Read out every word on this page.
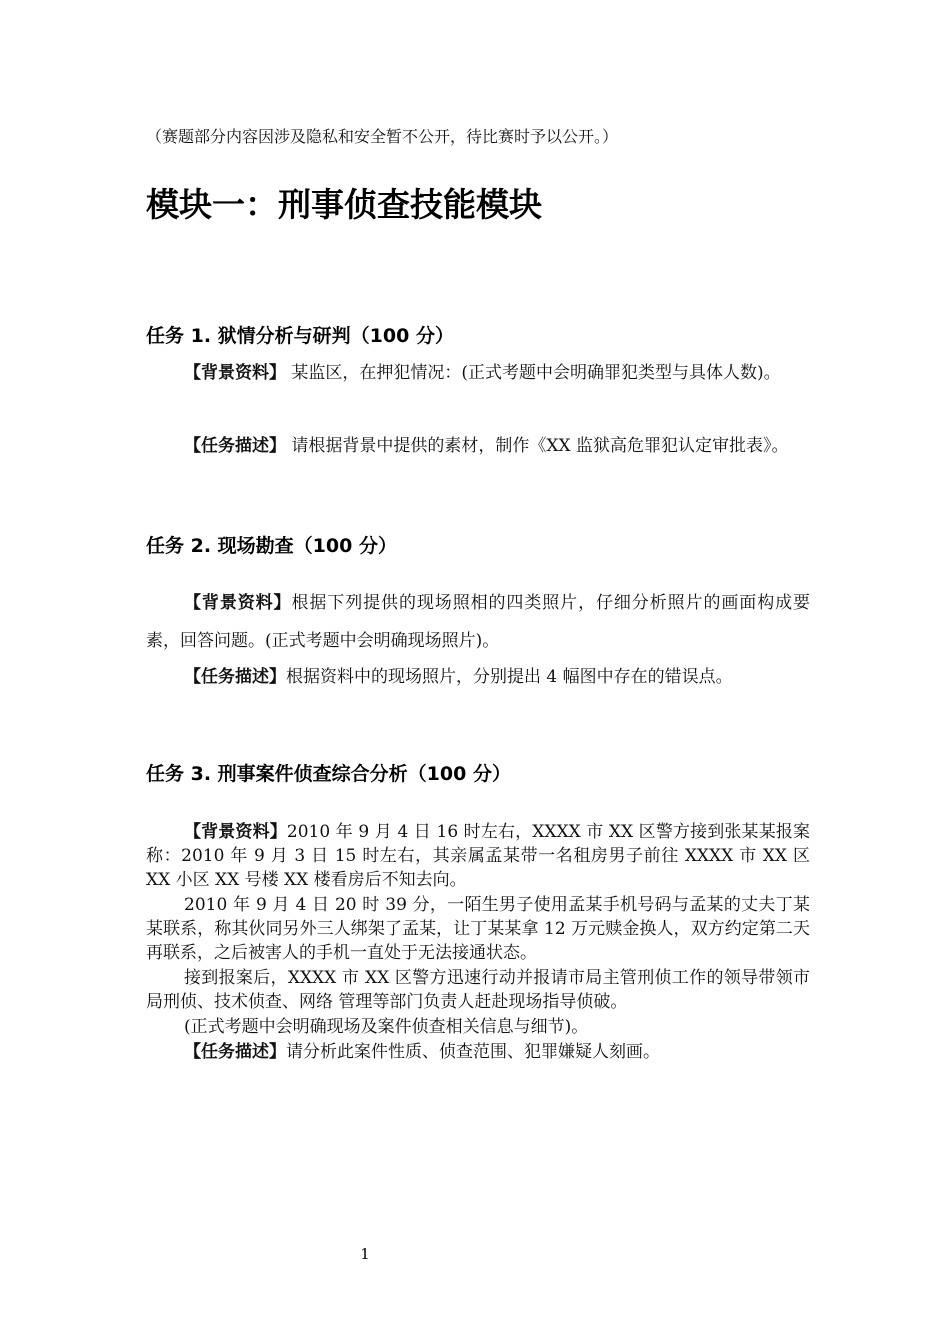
（赛题部分内容因涉及隐私和安全暂不公开，待比赛时予以公开。）
模块一：刑事侦查技能模块
任务 1. 狱情分析与研判（100 分）
【背景资料】 某监区，在押犯情况：(正式考题中会明确罪犯类型与具体人数)。
【任务描述】 请根据背景中提供的素材，制作《XX 监狱高危罪犯认定审批表》。
任务 2. 现场勘查（100 分）
【背景资料】根据下列提供的现场照相的四类照片，仔细分析照片的画面构成要素，回答问题。(正式考题中会明确现场照片)。
【任务描述】根据资料中的现场照片，分别提出 4 幅图中存在的错误点。
任务 3. 刑事案件侦查综合分析（100 分）
【背景资料】2010 年 9 月 4 日 16 时左右，XXXX 市 XX 区警方接到张某某报案称：2010 年 9 月 3 日 15 时左右，其亲属孟某带一名租房男子前往 XXXX 市 XX 区 XX 小区 XX 号楼 XX 楼看房后不知去向。
2010 年 9 月 4 日 20 时 39 分，一陌生男子使用孟某手机号码与孟某的丈夫丁某某联系，称其伙同另外三人绑架了孟某，让丁某某拿 12 万元赎金换人，双方约定第二天再联系，之后被害人的手机一直处于无法接通状态。
接到报案后，XXXX 市 XX 区警方迅速行动并报请市局主管刑侦工作的领导带领市局刑侦、技术侦查、网络 管理等部门负责人赶赴现场指导侦破。
(正式考题中会明确现场及案件侦查相关信息与细节)。
【任务描述】请分析此案件性质、侦查范围、犯罪嫌疑人刻画。
1
